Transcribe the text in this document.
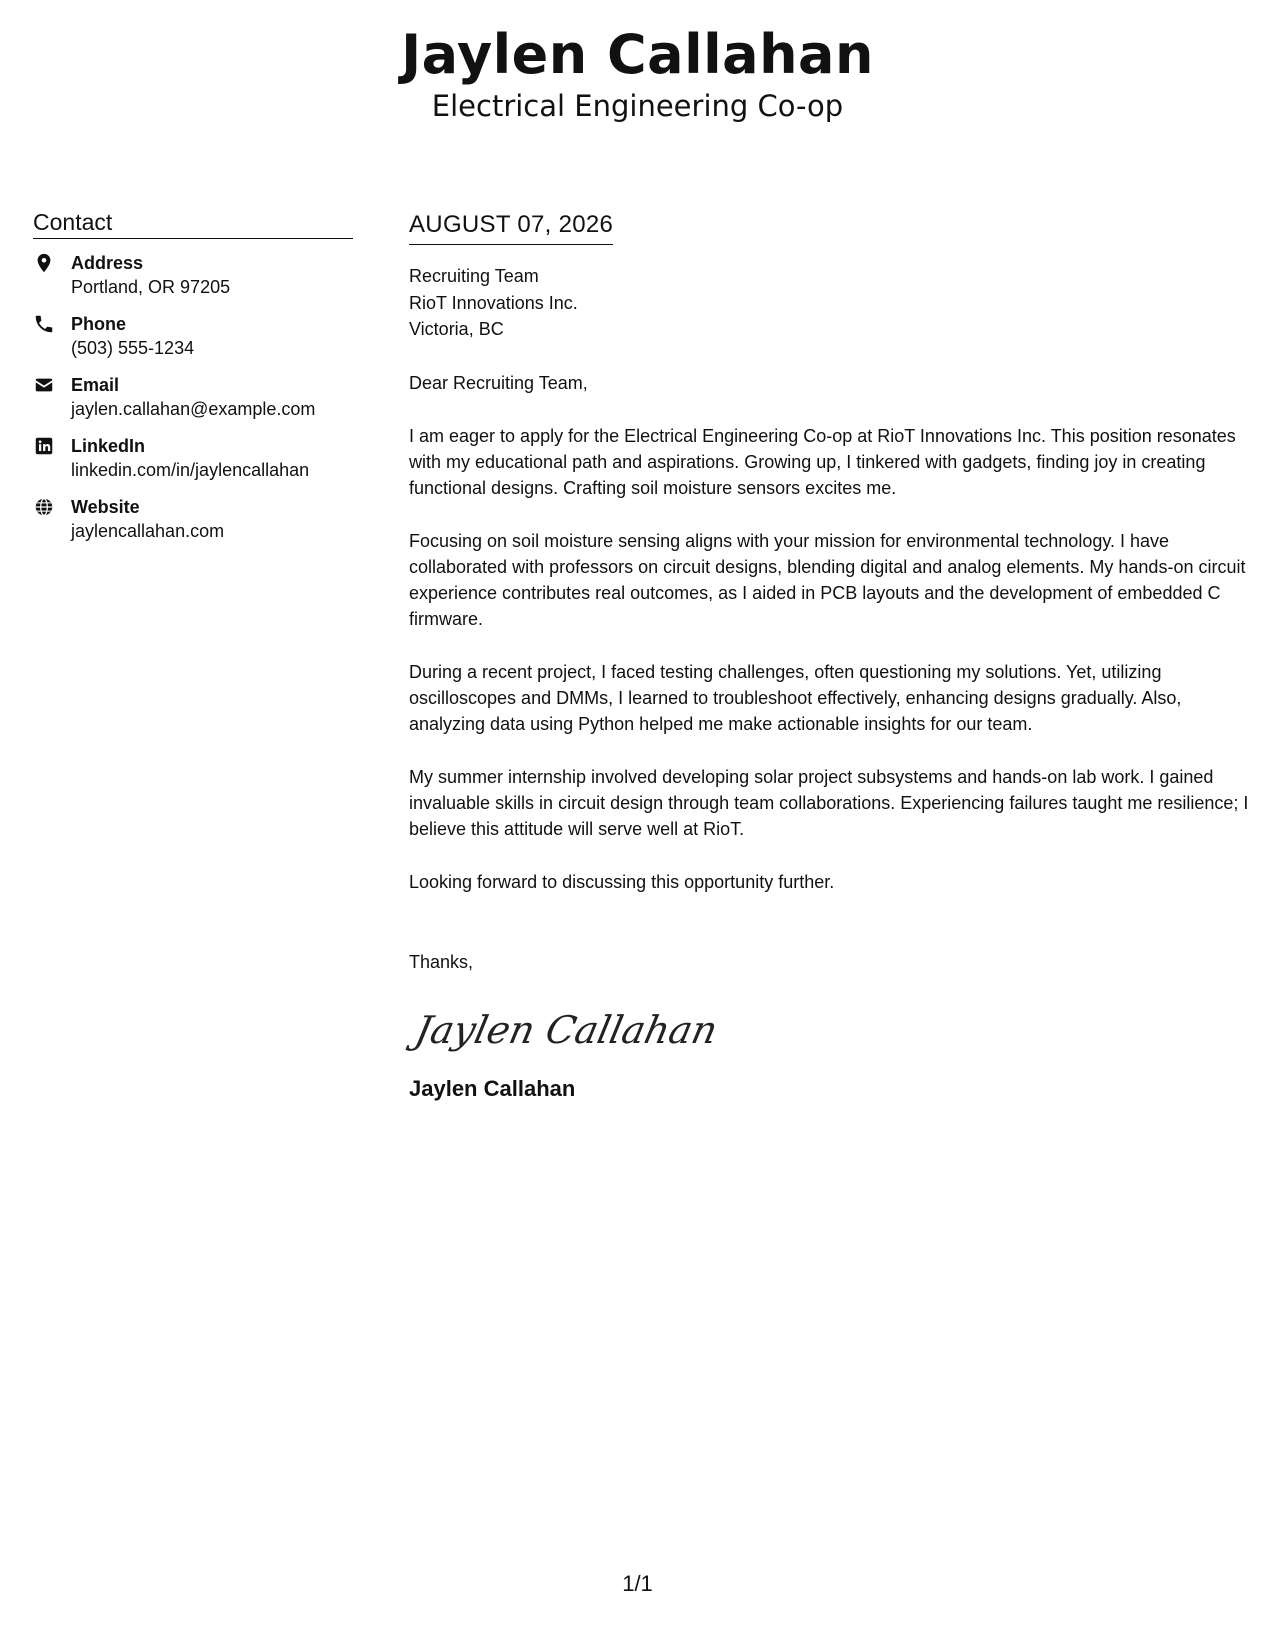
Jaylen Callahan
Electrical Engineering Co-op
Contact
Address
Portland, OR 97205
Phone
(503) 555-1234
Email
jaylen.callahan@example.com
LinkedIn
linkedin.com/in/jaylencallahan
Website
jaylencallahan.com
AUGUST 07, 2026
Recruiting Team
RioT Innovations Inc.
Victoria, BC
Dear Recruiting Team,
I am eager to apply for the Electrical Engineering Co-op at RioT Innovations Inc. This position resonates with my educational path and aspirations. Growing up, I tinkered with gadgets, finding joy in creating functional designs. Crafting soil moisture sensors excites me.
Focusing on soil moisture sensing aligns with your mission for environmental technology. I have collaborated with professors on circuit designs, blending digital and analog elements. My hands-on circuit experience contributes real outcomes, as I aided in PCB layouts and the development of embedded C firmware.
During a recent project, I faced testing challenges, often questioning my solutions. Yet, utilizing oscilloscopes and DMMs, I learned to troubleshoot effectively, enhancing designs gradually. Also, analyzing data using Python helped me make actionable insights for our team.
My summer internship involved developing solar project subsystems and hands-on lab work. I gained invaluable skills in circuit design through team collaborations. Experiencing failures taught me resilience; I believe this attitude will serve well at RioT.
Looking forward to discussing this opportunity further.
Thanks,
Jaylen Callahan
Jaylen Callahan
1/1
